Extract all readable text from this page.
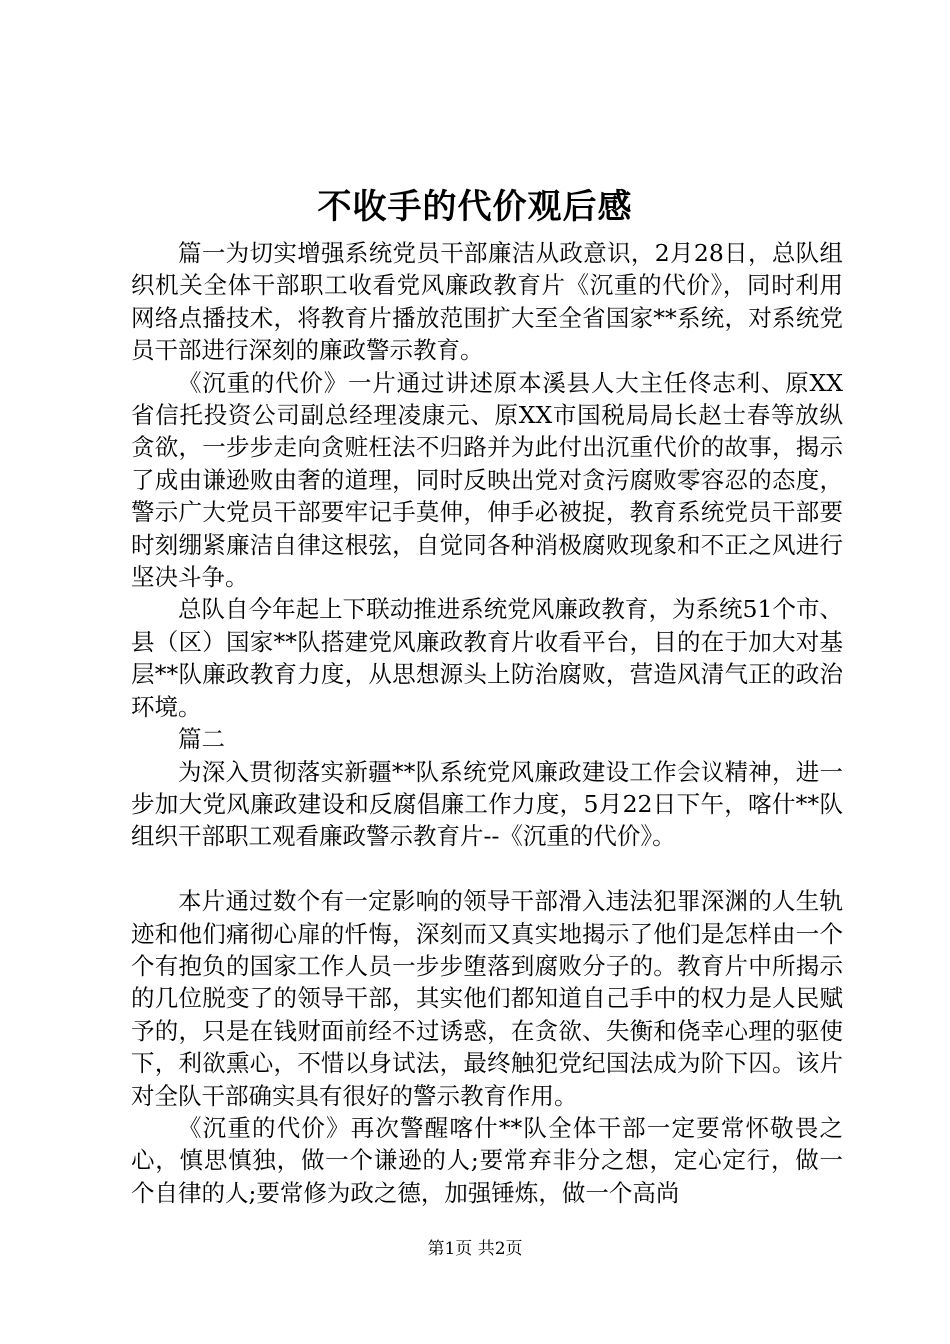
不收手的代价观后感

篇一为切实增强系统党员干部廉洁从政意识，2月28日，总队组织机关全体干部职工收看党风廉政教育片《沉重的代价》，同时利用网络点播技术，将教育片播放范围扩大至全省国家**系统，对系统党员干部进行深刻的廉政警示教育。

《沉重的代价》一片通过讲述原本溪县人大主任佟志利、原XX省信托投资公司副总经理凌康元、原XX市国税局局长赵士春等放纵贪欲，一步步走向贪赃枉法不归路并为此付出沉重代价的故事，揭示了成由谦逊败由奢的道理，同时反映出党对贪污腐败零容忍的态度，警示广大党员干部要牢记手莫伸，伸手必被捉，教育系统党员干部要时刻绷紧廉洁自律这根弦，自觉同各种消极腐败现象和不正之风进行坚决斗争。

总队自今年起上下联动推进系统党风廉政教育，为系统51个市、县（区）国家**队搭建党风廉政教育片收看平台，目的在于加大对基层**队廉政教育力度，从思想源头上防治腐败，营造风清气正的政治环境。

篇二

为深入贯彻落实新疆**队系统党风廉政建设工作会议精神，进一步加大党风廉政建设和反腐倡廉工作力度，5月22日下午，喀什**队组织干部职工观看廉政警示教育片--《沉重的代价》。

本片通过数个有一定影响的领导干部滑入违法犯罪深渊的人生轨迹和他们痛彻心扉的忏悔，深刻而又真实地揭示了他们是怎样由一个个有抱负的国家工作人员一步步堕落到腐败分子的。教育片中所揭示的几位脱变了的领导干部，其实他们都知道自己手中的权力是人民赋予的，只是在钱财面前经不过诱惑，在贪欲、失衡和侥幸心理的驱使下，利欲熏心，不惜以身试法，最终触犯党纪国法成为阶下囚。该片对全队干部确实具有很好的警示教育作用。

《沉重的代价》再次警醒喀什**队全体干部一定要常怀敬畏之心，慎思慎独，做一个谦逊的人;要常弃非分之想，定心定行，做一个自律的人;要常修为政之德，加强锤炼，做一个高尚

第1页 共2页
